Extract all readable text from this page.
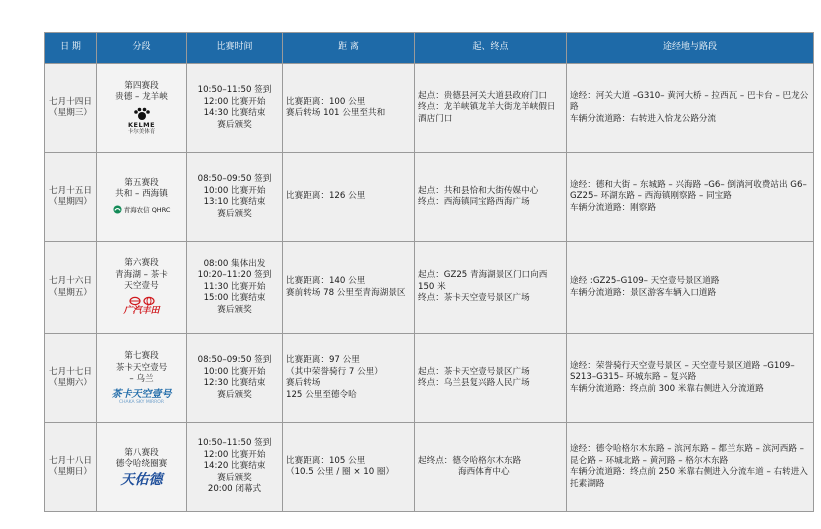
日 期	分段	比赛时间	距 离	起、终点	途经地与路段

七月十四日
（星期三）	第四赛段
贵德 – 龙羊峡
KELME
卡尔美体育	10:50–11:50 签到
12:00 比赛开始
14:30 比赛结束
赛后颁奖	比赛距离：100 公里
赛后转场 101 公里至共和	起点：贵德县河关大道县政府门口
终点：龙羊峡镇龙羊大街龙羊峡假日酒店门口	途经：河关大道 –G310– 黄河大桥 – 拉西瓦 – 巴卡台 – 巴龙公路
车辆分流道路：右转进入恰龙公路分流

七月十五日
（星期四）	第五赛段
共和 – 西海镇
青海农信 QHRC	08:50–09:50 签到
10:00 比赛开始
13:10 比赛结束
赛后颁奖	比赛距离：126 公里	起点：共和县恰和大街传媒中心
终点：西海镇同宝路西海广场	途经：德和大街 – 东城路 – 兴海路 –G6– 倒淌河收费站出 G6–GZ25– 环湖东路 – 西海镇刚察路 – 同宝路
车辆分流道路：刚察路

七月十六日
（星期五）	第六赛段
青海湖 – 茶卡
天空壹号
广汽丰田	08:00 集体出发
10:20–11:20 签到
11:30 比赛开始
15:00 比赛结束
赛后颁奖	比赛距离：140 公里
赛前转场 78 公里至青海湖景区	起点：GZ25 青海湖景区门口向西 150 米
终点：茶卡天空壹号景区广场	途经 :GZ25–G109– 天空壹号景区道路
车辆分流道路：景区游客车辆入口道路

七月十七日
（星期六）	第七赛段
茶卡天空壹号
– 乌兰
茶卡天空壹号
CHAKA SKY MIRROR	08:50–09:50 签到
10:00 比赛开始
12:30 比赛结束
赛后颁奖	比赛距离：97 公里
（其中荣誉骑行 7 公里）
赛后转场
125 公里至德令哈	起点：茶卡天空壹号景区广场
终点：乌兰县复兴路人民广场	途经：荣誉骑行天空壹号景区 – 天空壹号景区道路 –G109–S213–G315– 环城东路 – 复兴路
车辆分流道路：终点前 300 米靠右侧进入分流道路

七月十八日
（星期日）	第八赛段
德令哈绕圈赛
天佑德	10:50–11:50 签到
12:00 比赛开始
14:20 比赛结束
赛后颁奖
20:00 闭幕式	比赛距离：105 公里
（10.5 公里 / 圈 × 10 圈）	起终点：德令哈格尔木东路
海西体育中心	途经：德令哈格尔木东路 – 滨河东路 – 都兰东路 – 滨河西路 – 昆仑路 – 环城北路 – 黄河路 – 格尔木东路
车辆分流道路：终点前 250 米靠右侧进入分流车道 – 右转进入托素湖路
